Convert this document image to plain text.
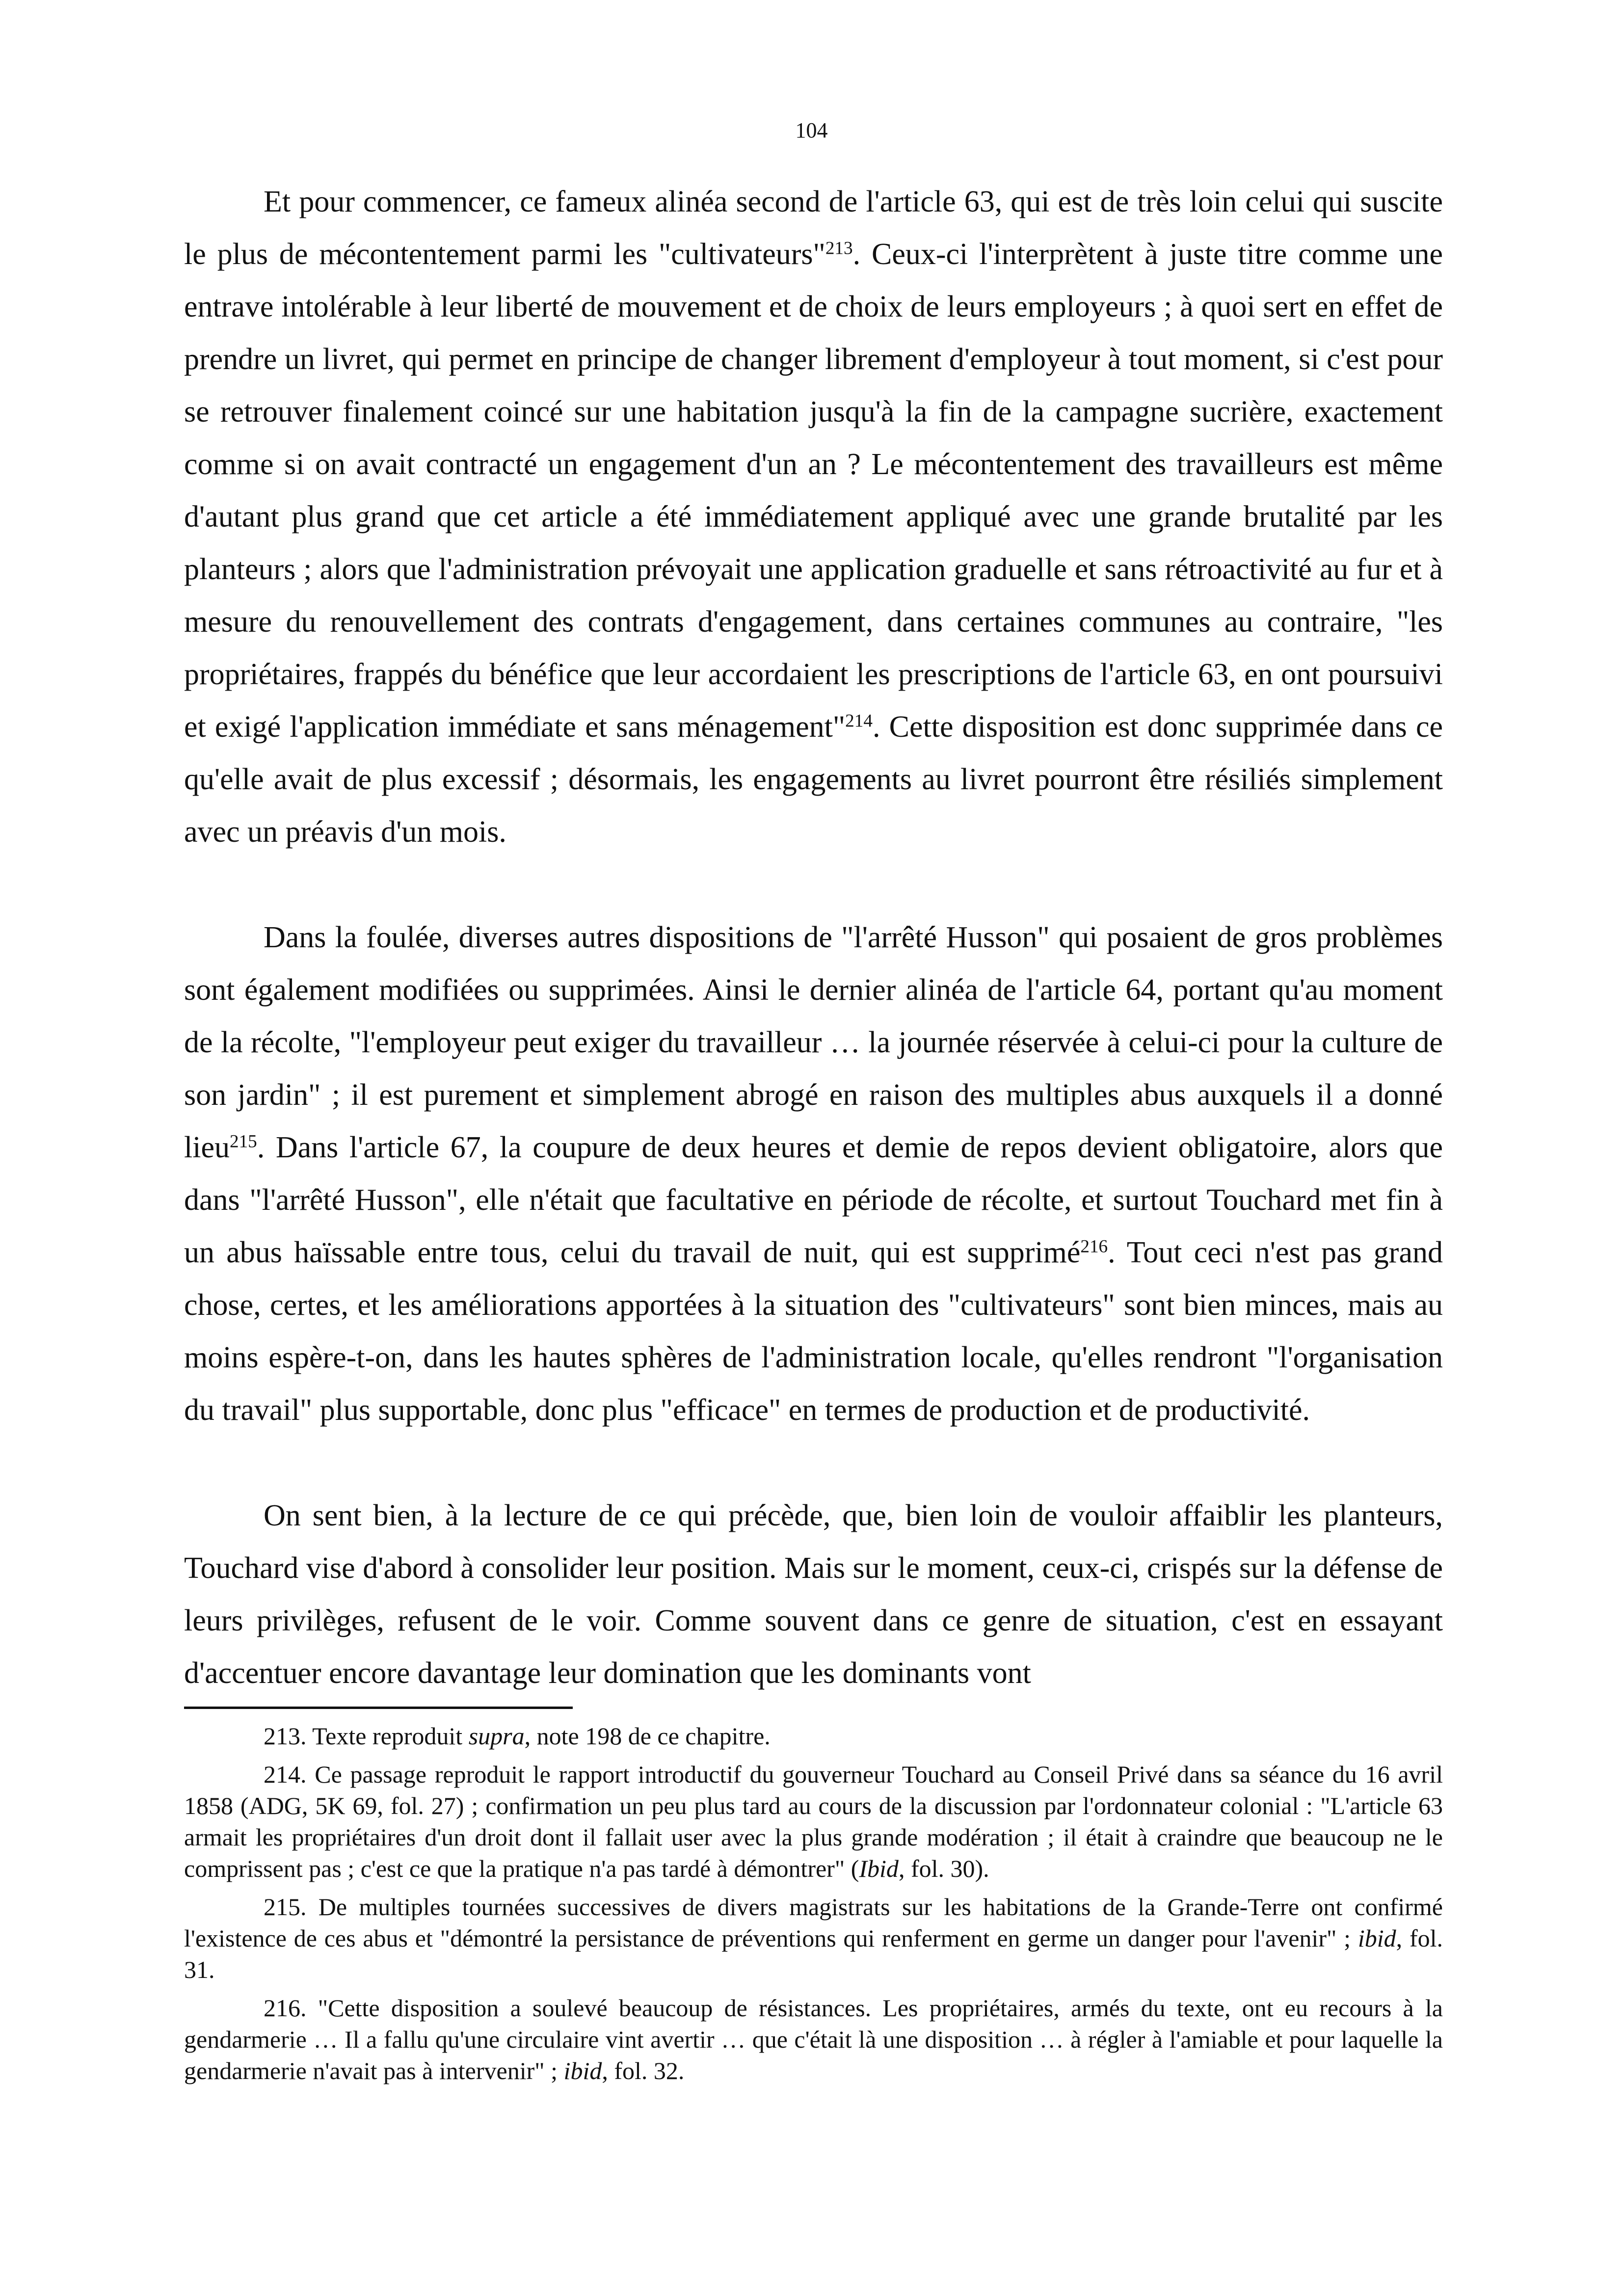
104

Et pour commencer, ce fameux alinéa second de l'article 63, qui est de très loin celui qui suscite le plus de mécontentement parmi les "cultivateurs"$^{213}$. Ceux-ci l'interprètent à juste titre comme une entrave intolérable à leur liberté de mouvement et de choix de leurs employeurs ; à quoi sert en effet de prendre un livret, qui permet en principe de changer librement d'employeur à tout moment, si c'est pour se retrouver finalement coincé sur une habitation jusqu'à la fin de la campagne sucrière, exactement comme si on avait contracté un engagement d'un an ? Le mécontentement des travailleurs est même d'autant plus grand que cet article a été immédiatement appliqué avec une grande brutalité par les planteurs ; alors que l'administration prévoyait une application graduelle et sans rétroactivité au fur et à mesure du renouvellement des contrats d'engagement, dans certaines communes au contraire, "les propriétaires, frappés du bénéfice que leur accordaient les prescriptions de l'article 63, en ont poursuivi et exigé l'application immédiate et sans ménagement"$^{214}$. Cette disposition est donc supprimée dans ce qu'elle avait de plus excessif ; désormais, les engagements au livret pourront être résiliés simplement avec un préavis d'un mois.

Dans la foulée, diverses autres dispositions de "l'arrêté Husson" qui posaient de gros problèmes sont également modifiées ou supprimées. Ainsi le dernier alinéa de l'article 64, portant qu'au moment de la récolte, "l'employeur peut exiger du travailleur … la journée réservée à celui-ci pour la culture de son jardin" ; il est purement et simplement abrogé en raison des multiples abus auxquels il a donné lieu$^{215}$. Dans l'article 67, la coupure de deux heures et demie de repos devient obligatoire, alors que dans "l'arrêté Husson", elle n'était que facultative en période de récolte, et surtout Touchard met fin à un abus haïssable entre tous, celui du travail de nuit, qui est supprimé$^{216}$. Tout ceci n'est pas grand chose, certes, et les améliorations apportées à la situation des "cultivateurs" sont bien minces, mais au moins espère-t-on, dans les hautes sphères de l'administration locale, qu'elles rendront "l'organisation du travail" plus supportable, donc plus "efficace" en termes de production et de productivité.

On sent bien, à la lecture de ce qui précède, que, bien loin de vouloir affaiblir les planteurs, Touchard vise d'abord à consolider leur position. Mais sur le moment, ceux-ci, crispés sur la défense de leurs privilèges, refusent de le voir. Comme souvent dans ce genre de situation, c'est en essayant d'accentuer encore davantage leur domination que les dominants vont

213. Texte reproduit supra, note 198 de ce chapitre.

214. Ce passage reproduit le rapport introductif du gouverneur Touchard au Conseil Privé dans sa séance du 16 avril 1858 (ADG, 5K 69, fol. 27) ; confirmation un peu plus tard au cours de la discussion par l'ordonnateur colonial : "L'article 63 armait les propriétaires d'un droit dont il fallait user avec la plus grande modération ; il était à craindre que beaucoup ne le comprissent pas ; c'est ce que la pratique n'a pas tardé à démontrer" (Ibid, fol. 30).

215. De multiples tournées successives de divers magistrats sur les habitations de la Grande-Terre ont confirmé l'existence de ces abus et "démontré la persistance de préventions qui renferment en germe un danger pour l'avenir" ; ibid, fol. 31.

216. "Cette disposition a soulevé beaucoup de résistances. Les propriétaires, armés du texte, ont eu recours à la gendarmerie … Il a fallu qu'une circulaire vint avertir … que c'était là une disposition … à régler à l'amiable et pour laquelle la gendarmerie n'avait pas à intervenir" ; ibid, fol. 32.
